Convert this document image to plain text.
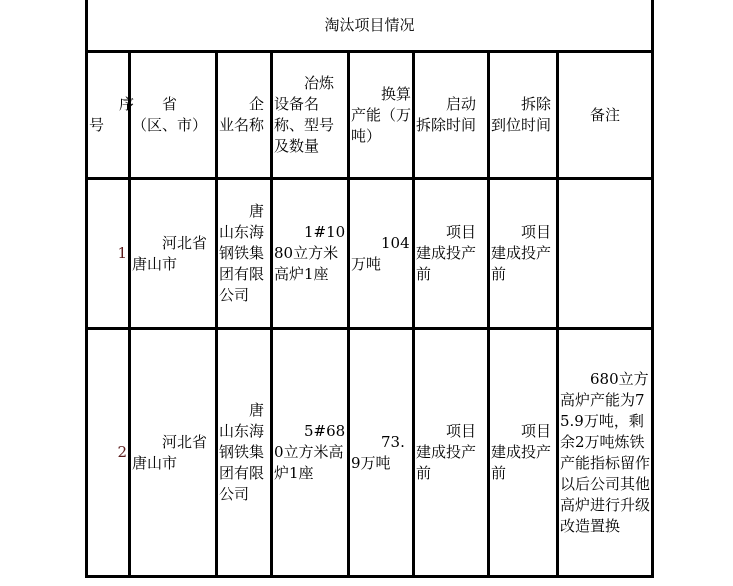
淘汰项目情况							
序号	省（区、市）	企业名称	冶炼设备名称、型号及数量	换算产能（万吨）	启动拆除时间	拆除到位时间	备注
1	河北省唐山市	唐山东海钢铁集团有限公司	1#1080立方米高炉1座	104万吨	项目建成投产前	项目建成投产前	
2	河北省唐山市	唐山东海钢铁集团有限公司	5#680立方米高炉1座	73.9万吨	项目建成投产前	项目建成投产前	680立方高炉产能为75.9万吨，剩余2万吨炼铁产能指标留作以后公司其他高炉进行升级改造置换
